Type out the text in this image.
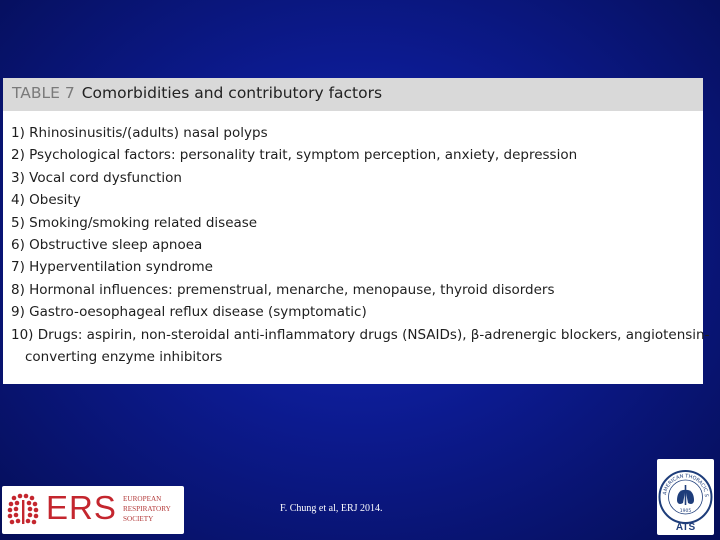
TABLE 7 Comorbidities and contributory factors
1) Rhinosinusitis/(adults) nasal polyps
2) Psychological factors: personality trait, symptom perception, anxiety, depression
3) Vocal cord dysfunction
4) Obesity
5) Smoking/smoking related disease
6) Obstructive sleep apnoea
7) Hyperventilation syndrome
8) Hormonal influences: premenstrual, menarche, menopause, thyroid disorders
9) Gastro-oesophageal reflux disease (symptomatic)
10) Drugs: aspirin, non-steroidal anti-inflammatory drugs (NSAIDs), β-adrenergic blockers, angiotensin-
converting enzyme inhibitors
F. Chung et al, ERJ 2014.
ERS EUROPEAN
RESPIRATORY
SOCIETY
AMERICAN THORACIC S
1905
ATS
